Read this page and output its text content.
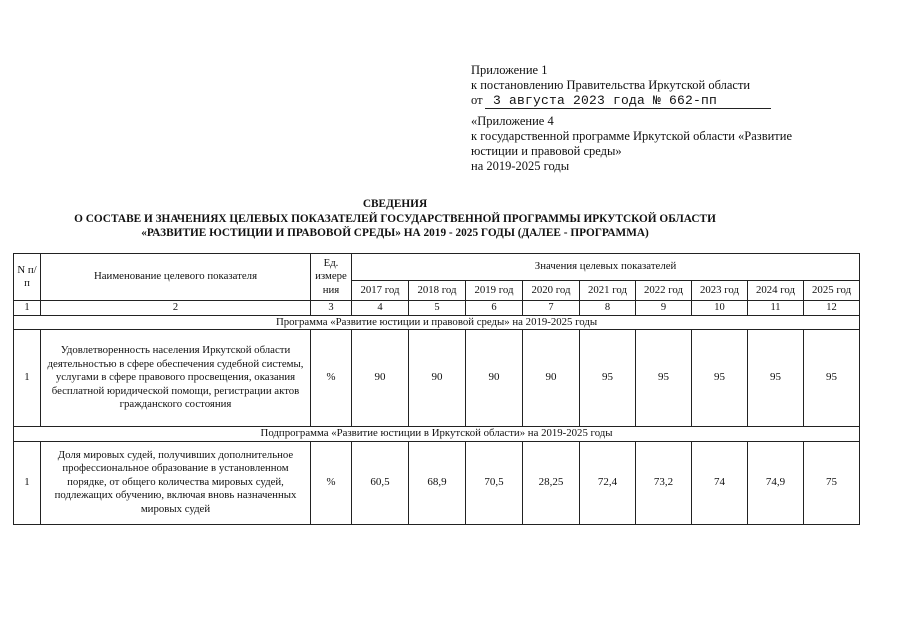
Приложение 1
к постановлению Правительства Иркутской области
от 3 августа 2023 года № 662-пп
«Приложение 4
к государственной программе Иркутской области «Развитие
юстиции и правовой среды»
на 2019-2025 годы
СВЕДЕНИЯ
О СОСТАВЕ И ЗНАЧЕНИЯХ ЦЕЛЕВЫХ ПОКАЗАТЕЛЕЙ ГОСУДАРСТВЕННОЙ ПРОГРАММЫ ИРКУТСКОЙ ОБЛАСТИ
«РАЗВИТИЕ ЮСТИЦИИ И ПРАВОВОЙ СРЕДЫ» НА 2019 - 2025 ГОДЫ (ДАЛЕЕ - ПРОГРАММА)
N п/п	Наименование целевого показателя	Ед. измере ния	Значения целевых показателей								
			2017 год	2018 год	2019 год	2020 год	2021 год	2022 год	2023 год	2024 год	2025 год
1	2	3	4	5	6	7	8	9	10	11	12
Программа «Развитие юстиции и правовой среды» на 2019-2025 годы											
1	Удовлетворенность населения Иркутской области деятельностью в сфере обеспечения судебной системы, услугами в сфере правового просвещения, оказания бесплатной юридической помощи, регистрации актов гражданского состояния	%	90	90	90	90	95	95	95	95	95
Подпрограмма «Развитие юстиции в Иркутской области» на 2019-2025 годы											
1	Доля мировых судей, получивших дополнительное профессиональное образование в установленном порядке, от общего количества мировых судей, подлежащих обучению, включая вновь назначенных мировых судей	%	60,5	68,9	70,5	28,25	72,4	73,2	74	74,9	75
